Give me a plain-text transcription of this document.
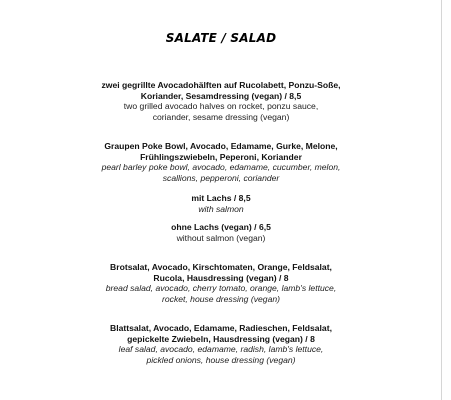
SALATE / SALAD
zwei gegrillte Avocadohälften auf Rucolabett, Ponzu-Soße,
Koriander, Sesamdressing (vegan) / 8,5
two grilled avocado halves on rocket, ponzu sauce,
coriander, sesame dressing (vegan)
Graupen Poke Bowl, Avocado, Edamame, Gurke, Melone,
Frühlingszwiebeln, Peperoni, Koriander
pearl barley poke bowl, avocado, edamame, cucumber, melon,
scallions, pepperoni, coriander
mit Lachs / 8,5
with salmon
ohne Lachs (vegan) / 6,5
without salmon (vegan)
Brotsalat, Avocado, Kirschtomaten, Orange, Feldsalat,
Rucola, Hausdressing (vegan) / 8
bread salad, avocado, cherry tomato, orange, lamb's lettuce,
rocket, house dressing (vegan)
Blattsalat, Avocado, Edamame, Radieschen, Feldsalat,
gepickelte Zwiebeln, Hausdressing (vegan) / 8
leaf salad, avocado, edamame, radish, lamb's lettuce,
pickled onions, house dressing (vegan)
